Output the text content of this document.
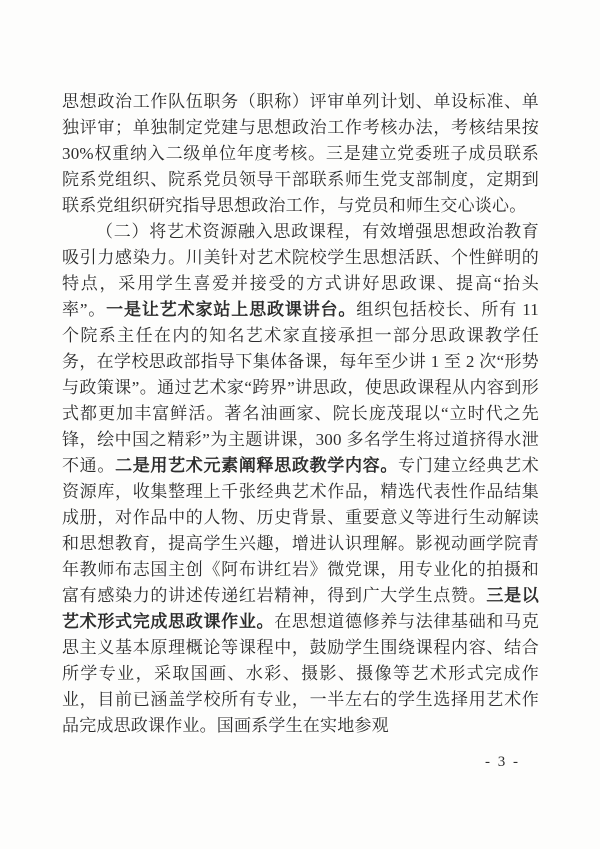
思想政治工作队伍职务（职称）评审单列计划、单设标准、单独评审；单独制定党建与思想政治工作考核办法，考核结果按 30%权重纳入二级单位年度考核。三是建立党委班子成员联系院系党组织、院系党员领导干部联系师生党支部制度，定期到联系党组织研究指导思想政治工作，与党员和师生交心谈心。

（二）将艺术资源融入思政课程，有效增强思想政治教育吸引力感染力。川美针对艺术院校学生思想活跃、个性鲜明的特点，采用学生喜爱并接受的方式讲好思政课、提高“抬头率”。一是让艺术家站上思政课讲台。组织包括校长、所有 11 个院系主任在内的知名艺术家直接承担一部分思政课教学任务，在学校思政部指导下集体备课，每年至少讲 1 至 2 次“形势与政策课”。通过艺术家“跨界”讲思政，使思政课程从内容到形式都更加丰富鲜活。著名油画家、院长庞茂琨以“立时代之先锋，绘中国之精彩”为主题讲课，300 多名学生将过道挤得水泄不通。二是用艺术元素阐释思政教学内容。专门建立经典艺术资源库，收集整理上千张经典艺术作品，精选代表性作品结集成册，对作品中的人物、历史背景、重要意义等进行生动解读和思想教育，提高学生兴趣，增进认识理解。影视动画学院青年教师布志国主创《阿布讲红岩》微党课，用专业化的拍摄和富有感染力的讲述传递红岩精神，得到广大学生点赞。三是以艺术形式完成思政课作业。在思想道德修养与法律基础和马克思主义基本原理概论等课程中，鼓励学生围绕课程内容、结合所学专业，采取国画、水彩、摄影、摄像等艺术形式完成作业，目前已涵盖学校所有专业，一半左右的学生选择用艺术作品完成思政课作业。国画系学生在实地参观

- 3 -
